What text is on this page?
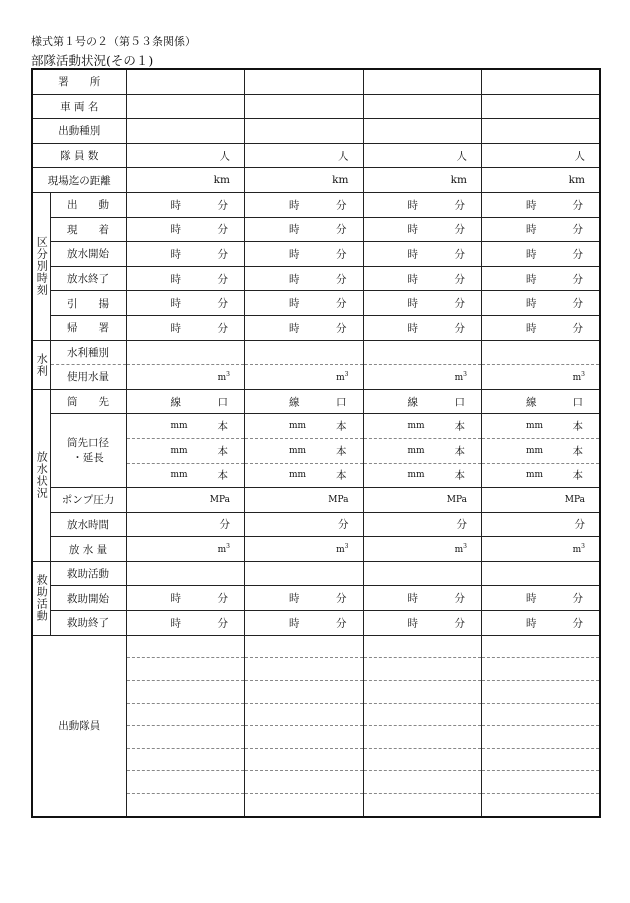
様式第１号の２（第５３条関係）
部隊活動状況(その１)
署　　所					
車 両 名					
出動種別					
隊 員 数		人	人	人	人

現場迄の距離		km	km	km	km

区分別時刻	出　　動	時 分	時 分	時 分	時 分

	現　　着	時 分	時 分	時 分	時 分

	放水開始	時 分	時 分	時 分	時 分

	放水終了	時 分	時 分	時 分	時 分

	引　　揚	時 分	時 分	時 分	時 分

	帰　　署	時 分	時 分	時 分	時 分

水利	水利種別				
	使用水量	$m^3$	$m^3$	$m^3$	$m^3$

放水状況	筒　　先	線 口	線 口	線 口	線 口

	筒先口径
・延長	mm 本	mm 本	mm 本	mm 本

		mm 本	mm 本	mm 本	mm 本

		mm 本	mm 本	mm 本	mm 本

	ポンプ圧力	MPa	MPa	MPa	MPa

	放水時間	分	分	分	分

	放 水 量	$m^3$	$m^3$	$m^3$	$m^3$

救助活動	救助活動				
	救助開始	時 分	時 分	時 分	時 分

	救助終了	時 分	時 分	時 分	時 分

出動隊員		
